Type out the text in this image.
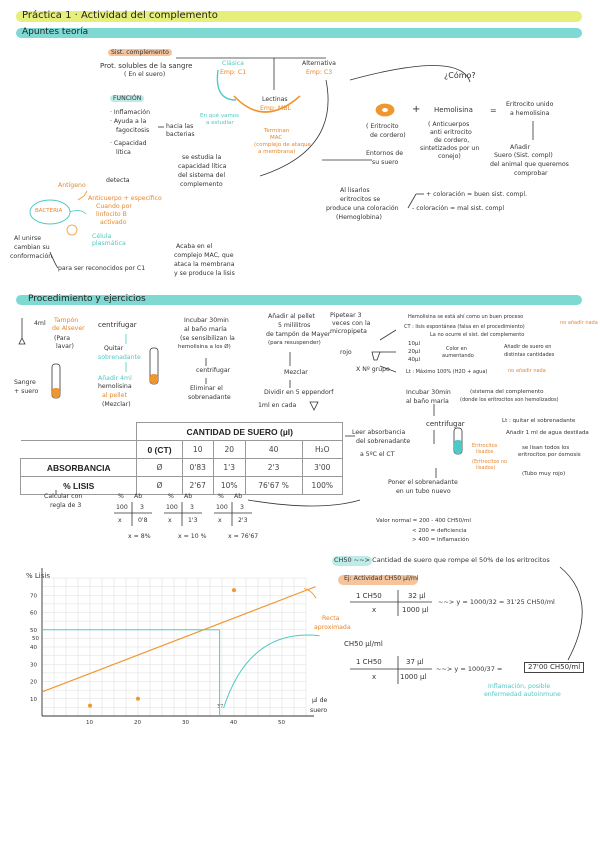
Práctica 1 · Actividad del complemento
Apuntes teoría
Sist. complemento
Prot. solubles de la sangre
( En el suero)
Clásica
Emp: C1
Alternativa
Emp: C3
Lectinas
Emp: MBL
En qué vamos
a estudiar
Terminan
MAC
(complejo de ataque
a membrana)
FUNCIÓN
· Inflamación
· Ayuda a la
fagocitosis
hacia las
bacterias
· Capacidad
lítica
se estudia la
capacidad lítica
del sistema del
complemento
detecta
Antígeno
BACTERIA
Anticuerpo + específico
Cuando por
linfocito B
activado
Célula
plasmática
Al unirse
cambian su
conformación
para ser reconocidos por C1
Acaba en el
complejo MAC, que
ataca la membrana
y se produce la lisis
¿Cómo?
+ Hemolisina =
Eritrocito unido
a hemolisina
( Eritrocito
de cordero)
( Anticuerpos
anti eritrocito
de cordero,
sintetizados por un
conejo)
Entornos de
su suero
Añadir
Suero (Sist. compl)
del animal que queremos
comprobar
Al lisarlos
eritrocitos se
produce una coloración
(Hemoglobina)
+ coloración = buen sist. compl.
- coloración = mal sist. compl
Procedimiento y ejercicios
4ml Tampón
de Alsever
(Para
lavar)
Sangre
+ suero
centrifugar
Quitar
sobrenadante
Añadir 4ml
hemolisina
al pellet
(Mezclar)
Incubar 30min
al baño maría
(se sensibilizan la
hemolisina a los Ø)
centrifugar
Eliminar el
sobrenadante
Añadir al pellet
5 mililitros
de tampón de Mayer
(para resuspender)
Mezclar
Dividir en 5 eppendorf
1ml en cada
Pipetear 3
veces con la
micropipeta
rojo
X Nº grupo
Hemolisina se está ahí como un buen proceso
CT : lisis espontánea (falsa en el procedimiento)
La no ocurre el sist. del complemento
no añadir nada
10µl
20µl
40µl
Color en
aumentando
Añadir de suero en
distintas cantidades
Lt : Máximo 100% (H2O + agua)	no añadir nada
Incubar 30min
al baño maría
(sistema del complemento
(donde los eritrocitos son hemolizados)
centrifugar	Lt : quitar el sobrenadante
Añadir 1 ml de agua destilada
se lisan todos los
eritrocitos por ósmosis
(Tubo muy rojo)
Eritrocitos
lisados
(Eritrocitos no
lisados)
Poner el sobrenadante
en un tubo nuevo
Leer absorbancia
del sobrenadante
a 5ºC el CT
	CANTIDAD DE SUERO (µl)				
	0 (CT)	10	20	40	H₂O
ABSORBANCIA	Ø	0'83	1'3	2'3	3'00
% LISIS	Ø	2'67	10%	76'67 %	100%
Calcular con
regla de 3
Ab
%
100 3
x	0'8
x = 8%
Ab
%
100 3
x	1'3
x = 10 %
Ab
%
100 3
x	2'3
x = 76'67
% Lisis
µl de
suero
Recta
aproximada
50
37
Valor normal = 200 - 400 CH50/ml
< 200 = deficiencia
> 400 = Inflamación
CH50 ~~> Cantidad de suero que rompe el 50% de los eritrocitos
Ej: Actividad CH50 µl/ml
1 CH50	32 µl
x	1000 µl
~~> y = 1000/32 = 31'25 CH50/ml
CH50 µl/ml
1 CH50	37 µl
x	1000 µl
~~> y = 1000/37 =	27'00 CH50/ml
Inflamación, posible
enfermedad autoinmune
10	20	30	40	50
10
20
30
40
50
60
70
